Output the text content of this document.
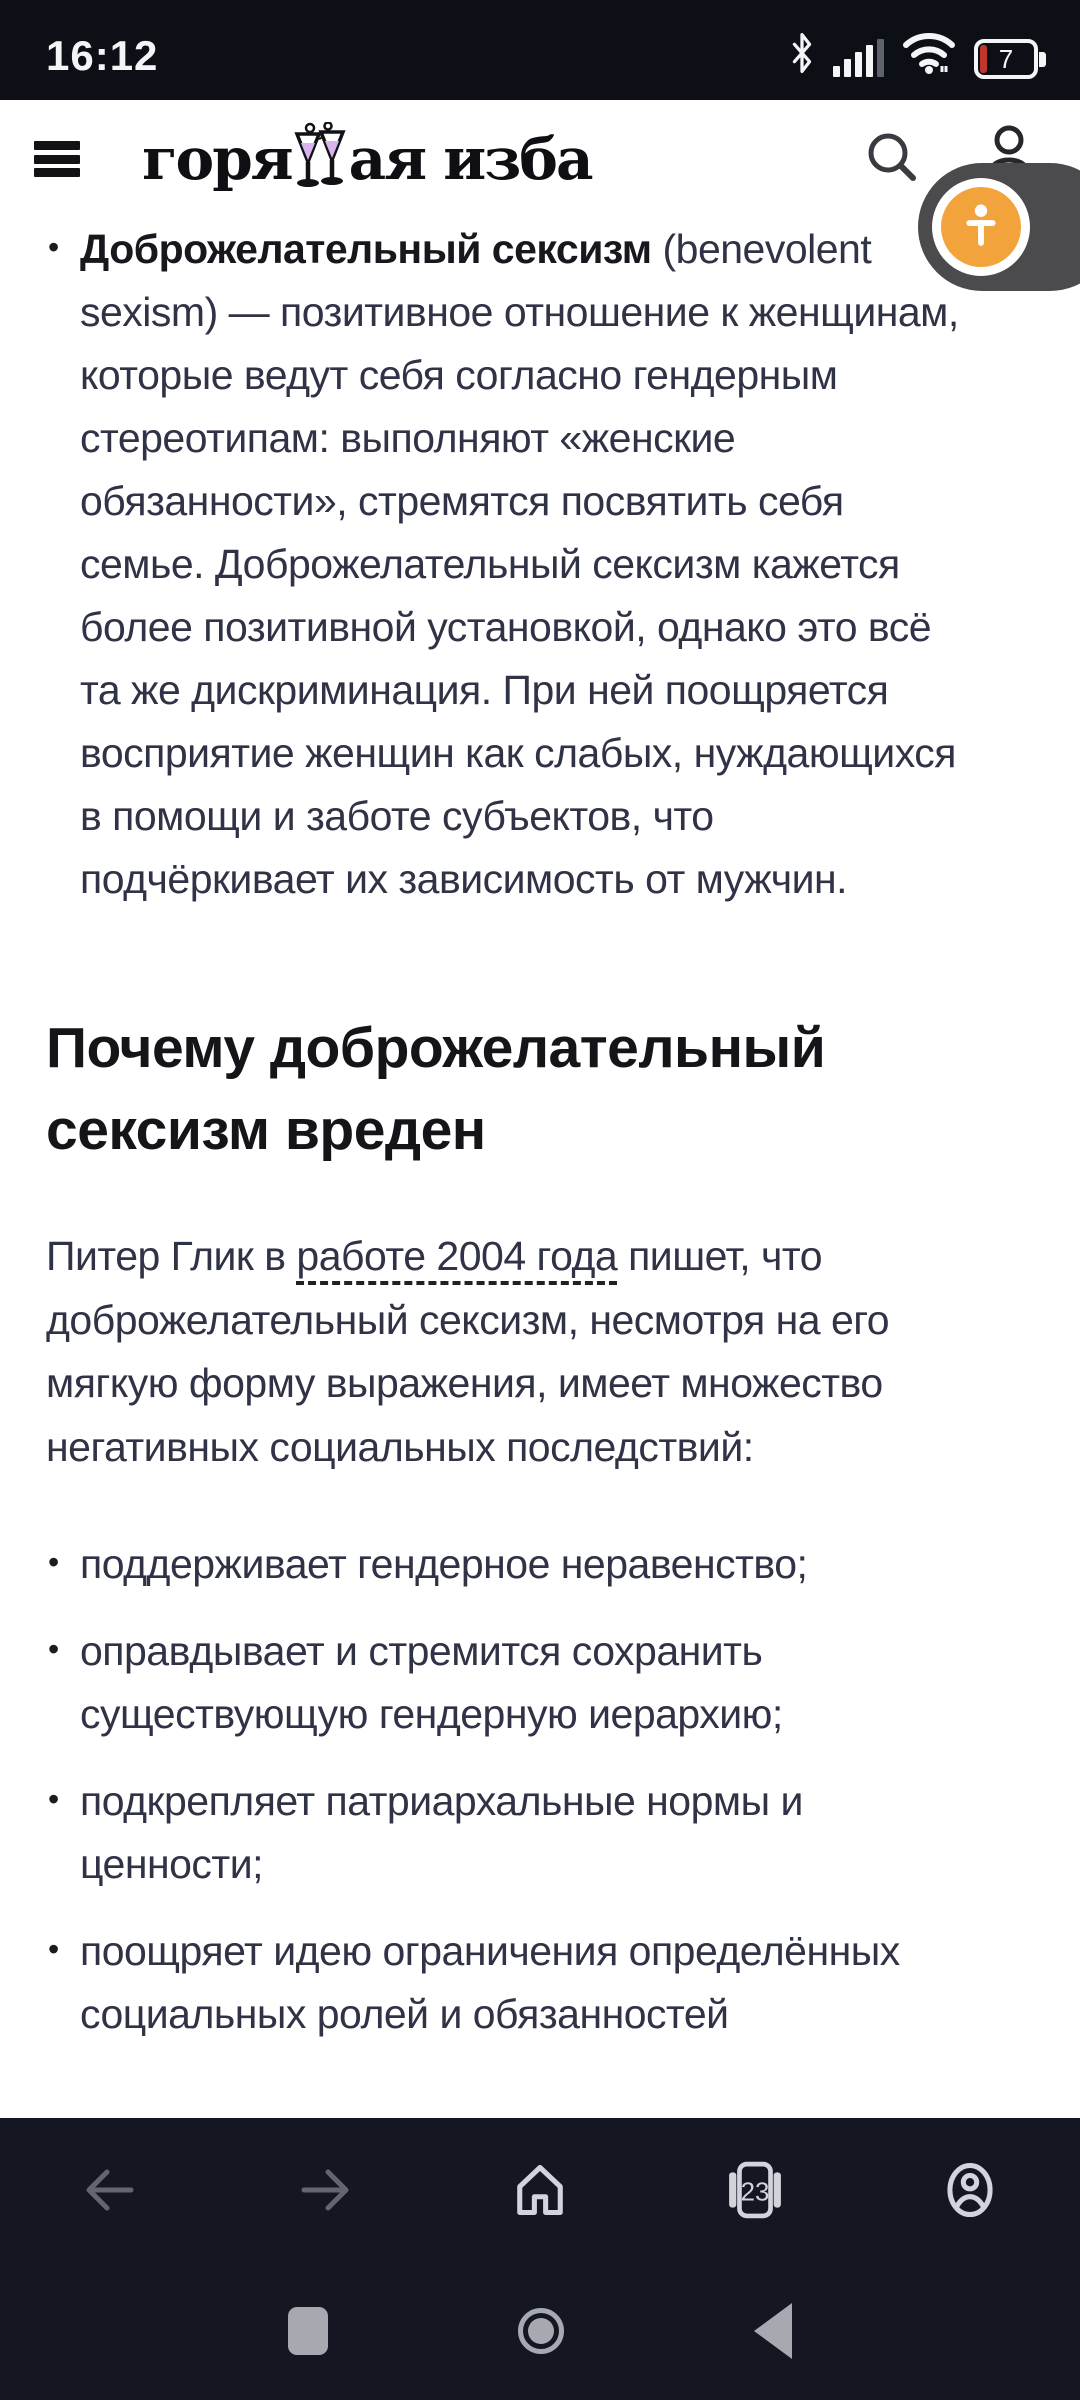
16:12	7
горя ая изба
• Доброжелательный сексизм (benevolent sexism) — позитивное отношение к женщинам, которые ведут себя согласно гендерным стереотипам: выполняют «женские обязанности», стремятся посвятить себя семье. Доброжелательный сексизм кажется более позитивной установкой, однако это всё та же дискриминация. При ней поощряется восприятие женщин как слабых, нуждающихся в помощи и заботе субъектов, что подчёркивает их зависимость от мужчин.
Почему доброжелательный сексизм вреден

Питер Глик в работе 2004 года пишет, что доброжелательный сексизм, несмотря на его мягкую форму выражения, имеет множество негативных социальных последствий:

• поддерживает гендерное неравенство;
• оправдывает и стремится сохранить существующую гендерную иерархию;
• подкрепляет патриархальные нормы и ценности;
• поощряет идею ограничения определённых социальных ролей и обязанностей
23
